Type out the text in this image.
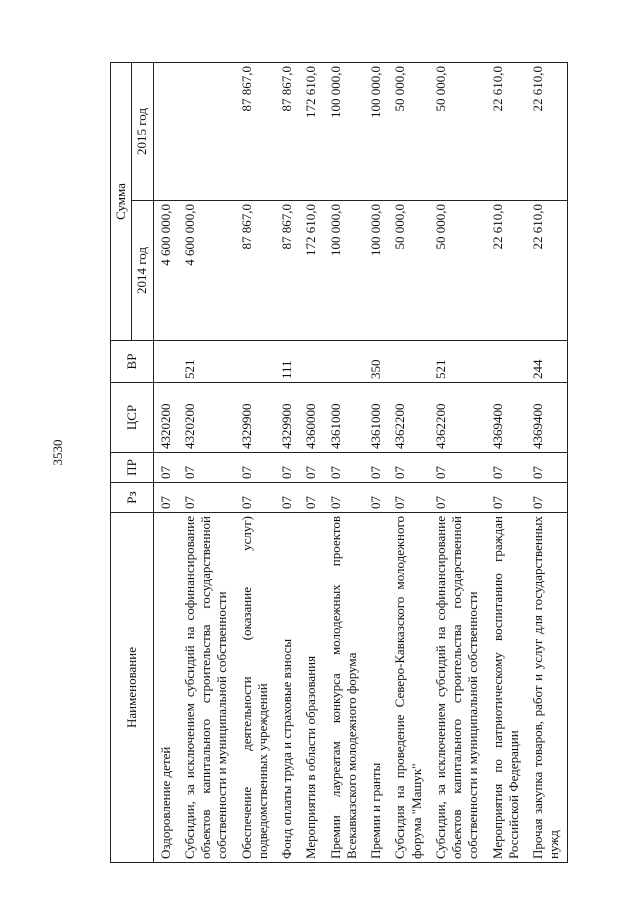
3530
Наименование	Рз	ПР	ЦСР	ВР	Сумма	
					2014 год	2015 год
Оздоровление детей	07	07	4320200		4 600 000,0	
Субсидии, за исключением субсидий на софинансирование объектов капитального строительства государственной собственности и муниципальной собственности	07	07	4320200	521	4 600 000,0	
Обеспечение деятельности (оказание услуг) подведомственных учреждений	07	07	4329900		87 867,0	87 867,0
Фонд оплаты труда и страховые взносы	07	07	4329900	111	87 867,0	87 867,0
Мероприятия в области образования	07	07	4360000		172 610,0	172 610,0
Премии лауреатам конкурса молодежных проектов Всекавказского молодежного форума	07	07	4361000		100 000,0	100 000,0
Премии и гранты	07	07	4361000	350	100 000,0	100 000,0
Субсидия на проведение Северо-Кавказского молодежного форума "Машук"	07	07	4362200		50 000,0	50 000,0
Субсидии, за исключением субсидий на софинансирование объектов капитального строительства государственной собственности и муниципальной собственности	07	07	4362200	521	50 000,0	50 000,0
Мероприятия по патриотическому воспитанию граждан Российской Федерации	07	07	4369400		22 610,0	22 610,0
Прочая закупка товаров, работ и услуг для государственных нужд	07	07	4369400	244	22 610,0	22 610,0
